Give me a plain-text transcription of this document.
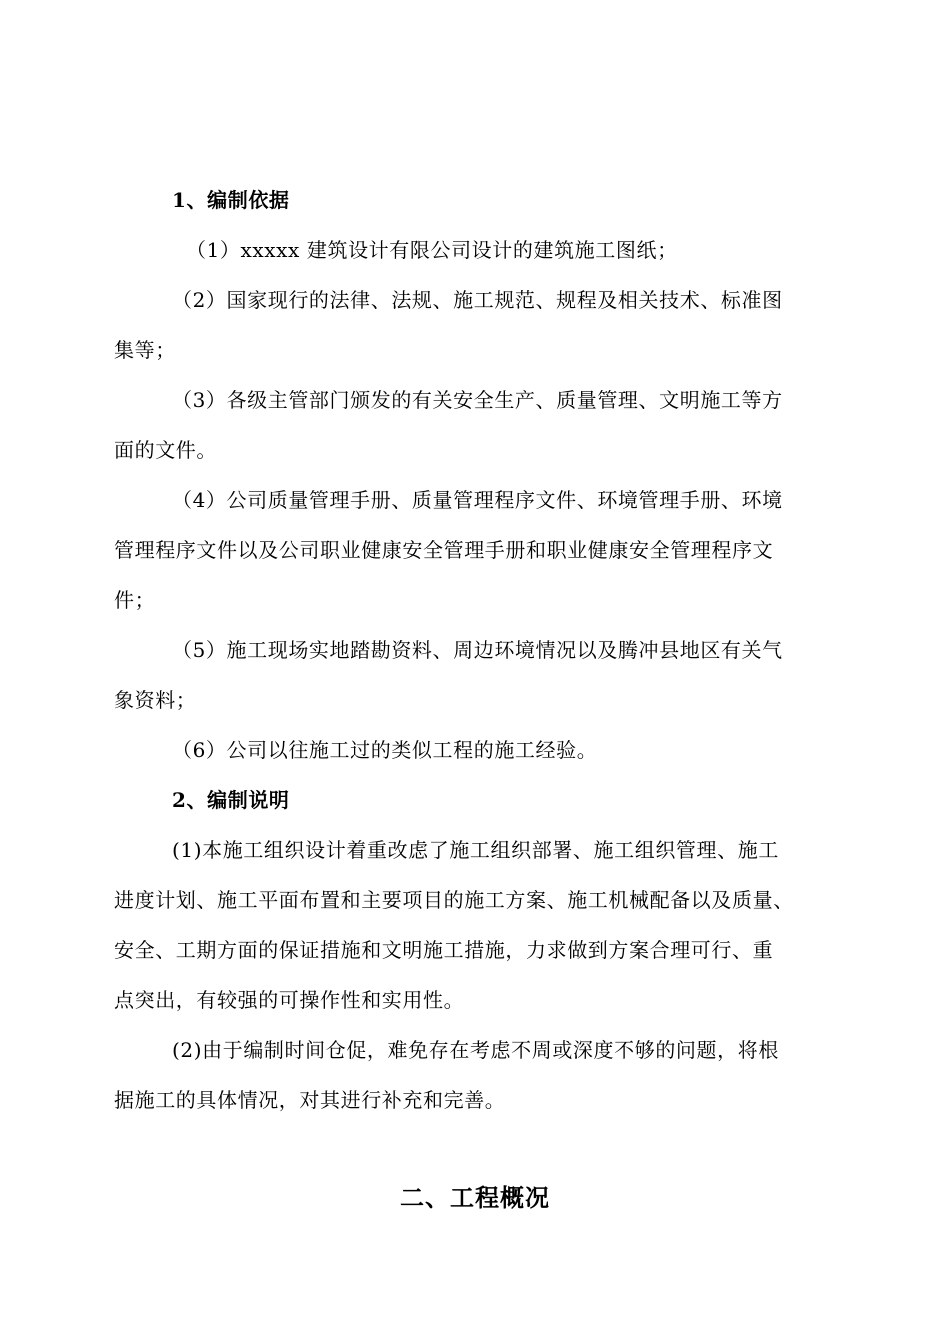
1、编制依据
（1）xxxxx 建筑设计有限公司设计的建筑施工图纸；
（2）国家现行的法律、法规、施工规范、规程及相关技术、标准图
集等；
（3）各级主管部门颁发的有关安全生产、质量管理、文明施工等方
面的文件。
（4）公司质量管理手册、质量管理程序文件、环境管理手册、环境
管理程序文件以及公司职业健康安全管理手册和职业健康安全管理程序文
件；
（5）施工现场实地踏勘资料、周边环境情况以及腾冲县地区有关气
象资料；
（6）公司以往施工过的类似工程的施工经验。
2、编制说明
(1)本施工组织设计着重改虑了施工组织部署、施工组织管理、施工
进度计划、施工平面布置和主要项目的施工方案、施工机械配备以及质量、
安全、工期方面的保证措施和文明施工措施，力求做到方案合理可行、重
点突出，有较强的可操作性和实用性。
(2)由于编制时间仓促，难免存在考虑不周或深度不够的问题，将根
据施工的具体情况，对其进行补充和完善。
二、工程概况
